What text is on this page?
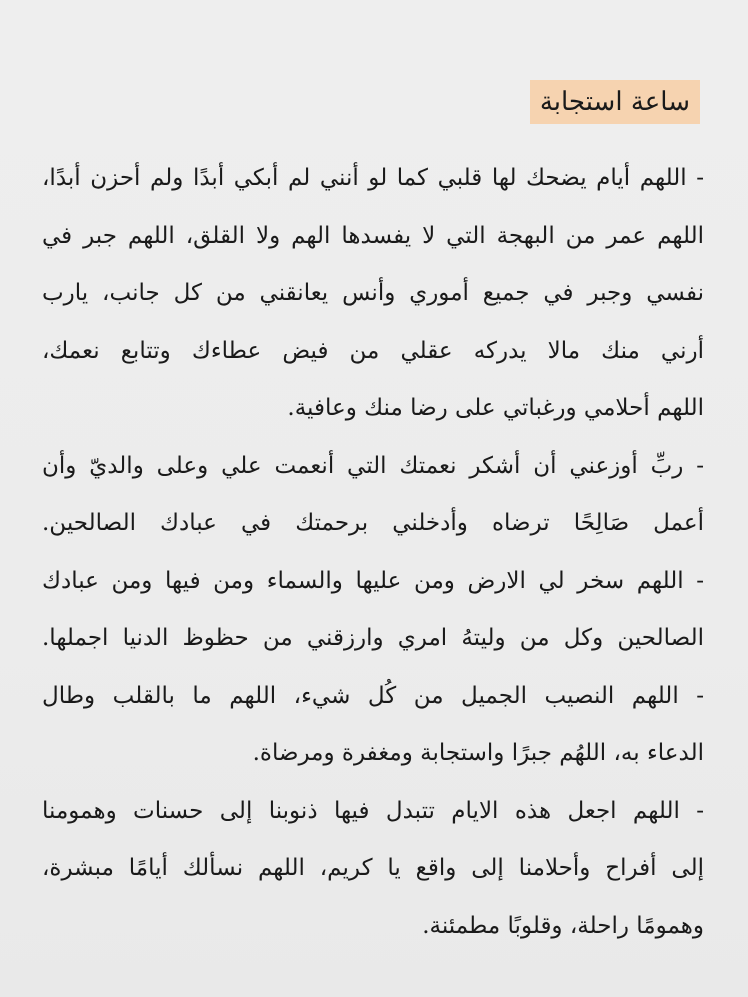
ساعة استجابة
- اللهم أيام يضحك لها قلبي كما لو أنني لم أبكي أبدًا ولم أحزن أبدًا،
اللهم عمر من البهجة التي لا يفسدها الهم ولا القلق، اللهم جبر في
نفسي وجبر في جميع أموري وأنس يعانقني من كل جانب، يارب
أرني منك مالا يدركه عقلي من فيض عطاءك وتتابع نعمك،
اللهم أحلامي ورغباتي على رضا منك وعافية.
- ربِّ أوزعني أن أشكر نعمتك التي أنعمت علي وعلى والديّ وأن
أعمل صَالِحًا ترضاه وأدخلني برحمتك في عبادك الصالحين.
- اللهم سخر لي الارض ومن عليها والسماء ومن فيها ومن عبادك
الصالحين وكل من وليتهُ امري وارزقني من حظوظ الدنيا اجملها.
- اللهم النصيب الجميل من كُل شيء، اللهم ما بالقلب وطال
الدعاء به، اللهُم جبرًا واستجابة ومغفرة ومرضاة.
- اللهم اجعل هذه الايام تتبدل فيها ذنوبنا إلى حسنات وهمومنا
إلى أفراح وأحلامنا إلى واقع يا كريم، اللهم نسألك أيامًا مبشرة،
وهمومًا راحلة، وقلوبًا مطمئنة.
